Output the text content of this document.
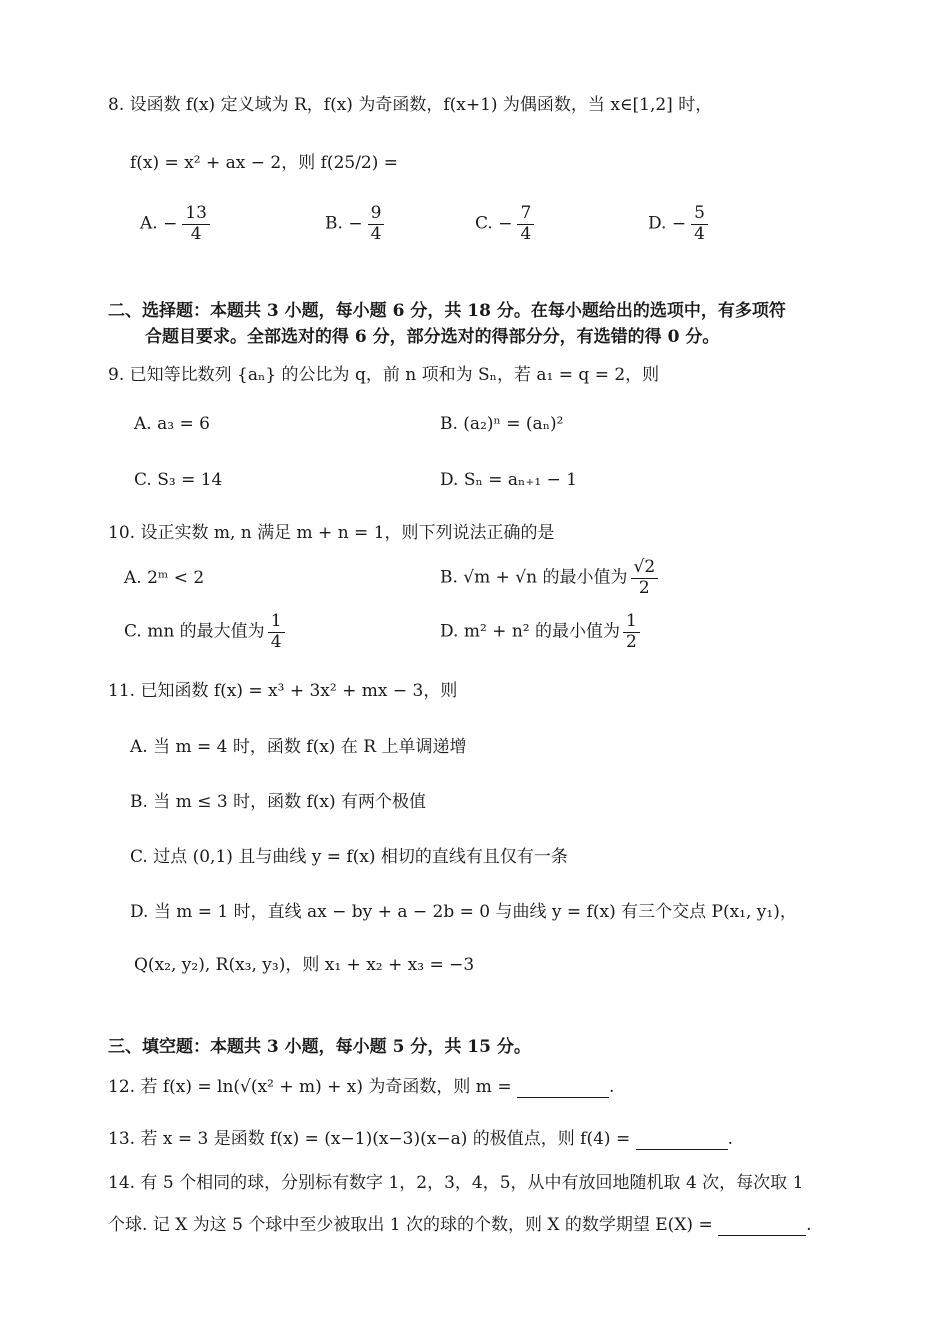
8. 设函数 f(x) 定义域为 R，f(x) 为奇函数，f(x+1) 为偶函数，当 x∈[1,2] 时，
f(x) = x² + ax − 2，则 f(25/2) =
A. − $\frac{13}{4}$	B. − $\frac{9}{4}$	C. − $\frac{7}{4}$	D. − $\frac{5}{4}$
二、选择题：本题共 3 小题，每小题 6 分，共 18 分。在每小题给出的选项中，有多项符
合题目要求。全部选对的得 6 分，部分选对的得部分分，有选错的得 0 分。
9. 已知等比数列 {aₙ} 的公比为 q，前 n 项和为 Sₙ，若 a₁ = q = 2，则
A. a₃ = 6	B. (a₂)ⁿ = (aₙ)²
C. S₃ = 14	D. Sₙ = aₙ₊₁ − 1
10. 设正实数 m, n 满足 m + n = 1，则下列说法正确的是
A. 2ᵐ < 2	B. √m + √n 的最小值为 $\frac{√2}{2}$
C. mn 的最大值为 $\frac{1}{4}$	D. m² + n² 的最小值为 $\frac{1}{2}$
11. 已知函数 f(x) = x³ + 3x² + mx − 3，则
A. 当 m = 4 时，函数 f(x) 在 R 上单调递增
B. 当 m ≤ 3 时，函数 f(x) 有两个极值
C. 过点 (0,1) 且与曲线 y = f(x) 相切的直线有且仅有一条
D. 当 m = 1 时，直线 ax − by + a − 2b = 0 与曲线 y = f(x) 有三个交点 P(x₁, y₁)，
Q(x₂, y₂), R(x₃, y₃)，则 x₁ + x₂ + x₃ = −3
三、填空题：本题共 3 小题，每小题 5 分，共 15 分。
12. 若 f(x) = ln(√(x² + m) + x) 为奇函数，则 m =	.
13. 若 x = 3 是函数 f(x) = (x−1)(x−3)(x−a) 的极值点，则 f(4) =	.
14. 有 5 个相同的球，分别标有数字 1，2，3，4，5，从中有放回地随机取 4 次，每次取 1
个球. 记 X 为这 5 个球中至少被取出 1 次的球的个数，则 X 的数学期望 E(X) =	.
